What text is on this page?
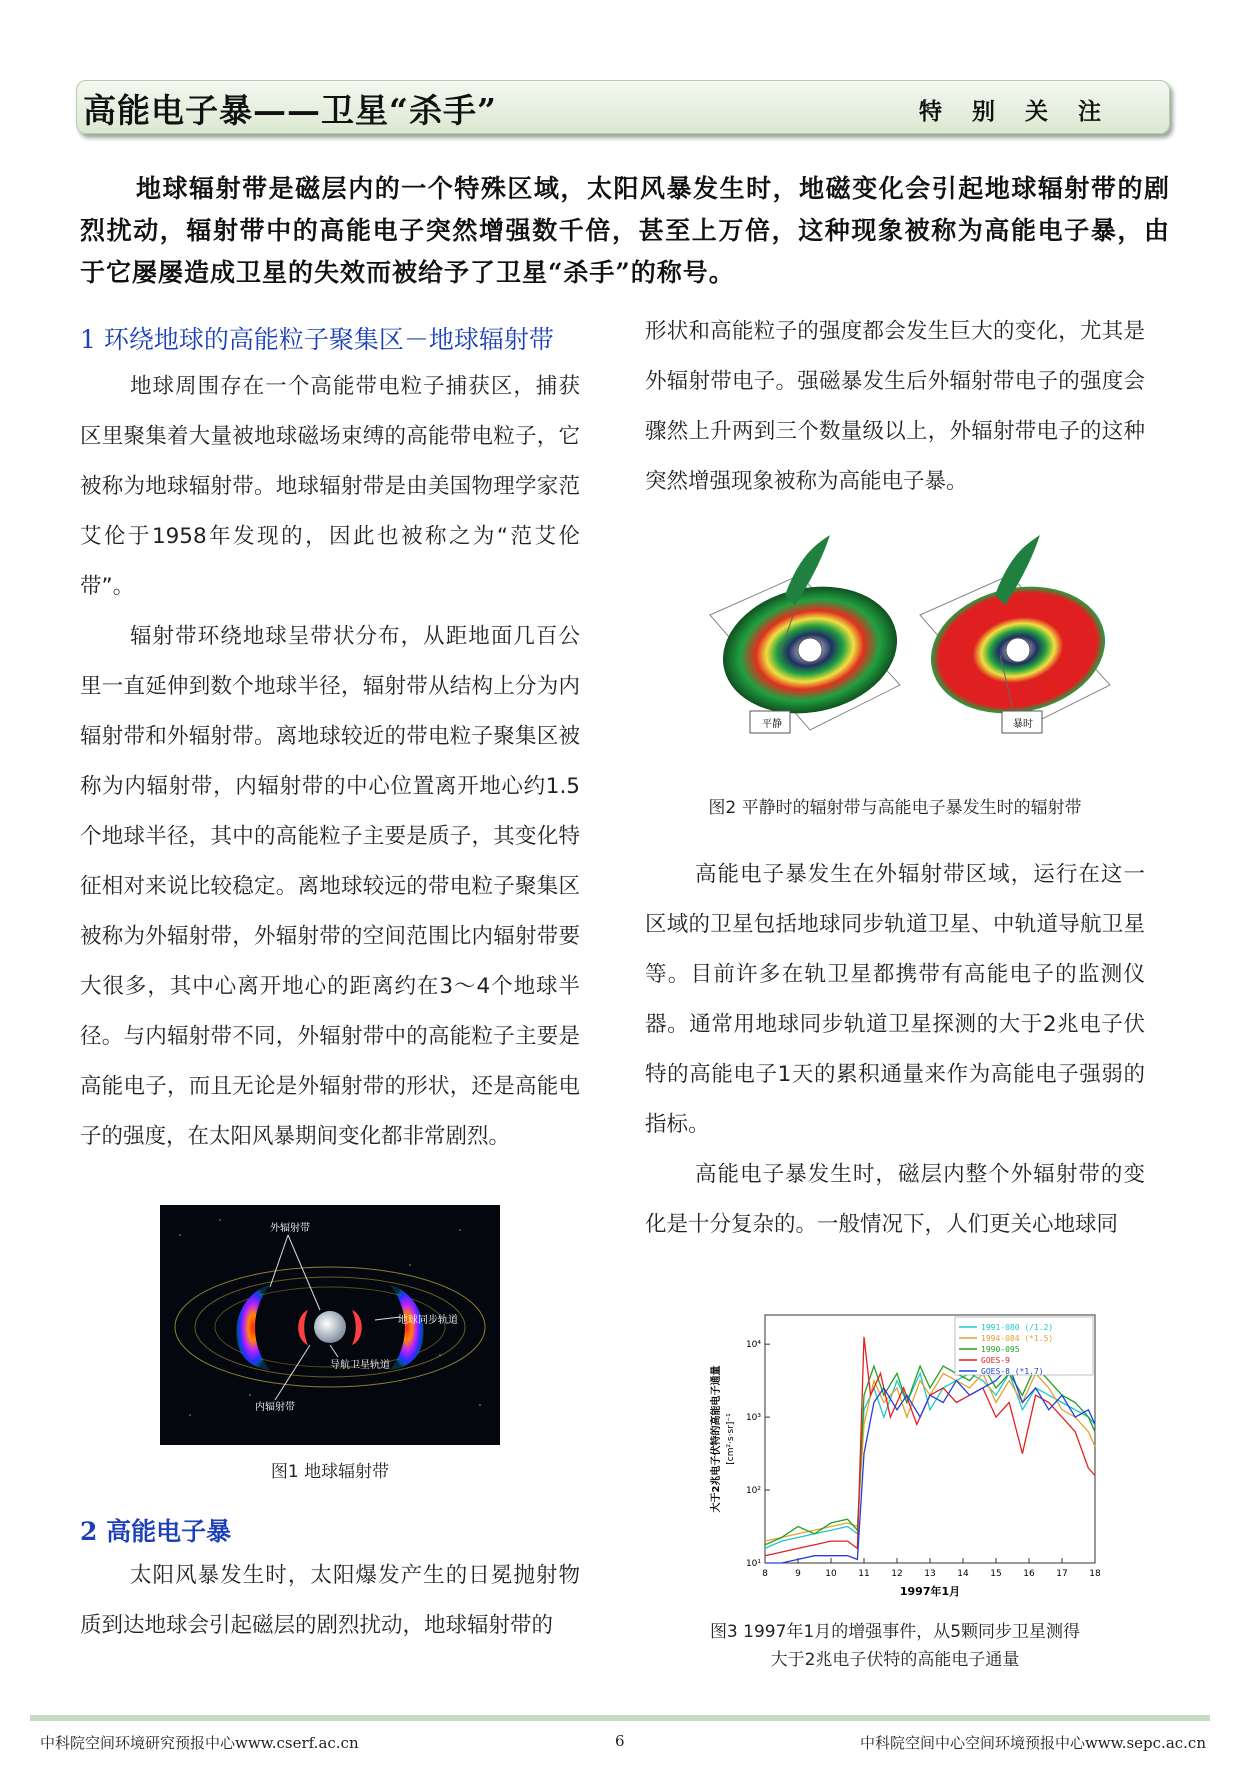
高能电子暴——卫星“杀手”	特别关注
地球辐射带是磁层内的一个特殊区域，太阳风暴发生时，地磁变化会引起地球辐射带的剧烈扰动，辐射带中的高能电子突然增强数千倍，甚至上万倍，这种现象被称为高能电子暴，由于它屡屡造成卫星的失效而被给予了卫星“杀手”的称号。
1 环绕地球的高能粒子聚集区－地球辐射带

地球周围存在一个高能带电粒子捕获区，捕获区里聚集着大量被地球磁场束缚的高能带电粒子，它被称为地球辐射带。地球辐射带是由美国物理学家范艾伦于1958年发现的，因此也被称之为“范艾伦带”。

辐射带环绕地球呈带状分布，从距地面几百公里一直延伸到数个地球半径，辐射带从结构上分为内辐射带和外辐射带。离地球较近的带电粒子聚集区被称为内辐射带，内辐射带的中心位置离开地心约1.5个地球半径，其中的高能粒子主要是质子，其变化特征相对来说比较稳定。离地球较远的带电粒子聚集区被称为外辐射带，外辐射带的空间范围比内辐射带要大很多，其中心离开地心的距离约在3～4个地球半径。与内辐射带不同，外辐射带中的高能粒子主要是高能电子，而且无论是外辐射带的形状，还是高能电子的强度，在太阳风暴期间变化都非常剧烈。

外辐射带
地球同步轨道
导航卫星轨道
内辐射带
图1 地球辐射带
2 高能电子暴

太阳风暴发生时，太阳爆发产生的日冕抛射物质到达地球会引起磁层的剧烈扰动，地球辐射带的

形状和高能粒子的强度都会发生巨大的变化，尤其是外辐射带电子。强磁暴发生后外辐射带电子的强度会骤然上升两到三个数量级以上，外辐射带电子的这种突然增强现象被称为高能电子暴。

平静	暴时
图2 平静时的辐射带与高能电子暴发生时的辐射带

高能电子暴发生在外辐射带区域，运行在这一区域的卫星包括地球同步轨道卫星、中轨道导航卫星等。目前许多在轨卫星都携带有高能电子的监测仪器。通常用地球同步轨道卫星探测的大于2兆电子伏特的高能电子1天的累积通量来作为高能电子强弱的指标。

高能电子暴发生时，磁层内整个外辐射带的变化是十分复杂的。一般情况下，人们更关心地球同

10¹
10²
10³
10⁴
8	9	10 11 12 13 14 15 16 17 18
1991-080 (/1.2)
1994-084 (*1.5)
1990-095
GOES-9
GOES-8 (*1.7)
1997年1月
大于2兆电子伏特的高能电子通量 [cm²·s·sr]⁻¹
图3 1997年1月的增强事件，从5颗同步卫星测得
大于2兆电子伏特的高能电子通量
中科院空间环境研究预报中心www.cserf.ac.cn	6	中科院空间中心空间环境预报中心www.sepc.ac.cn
